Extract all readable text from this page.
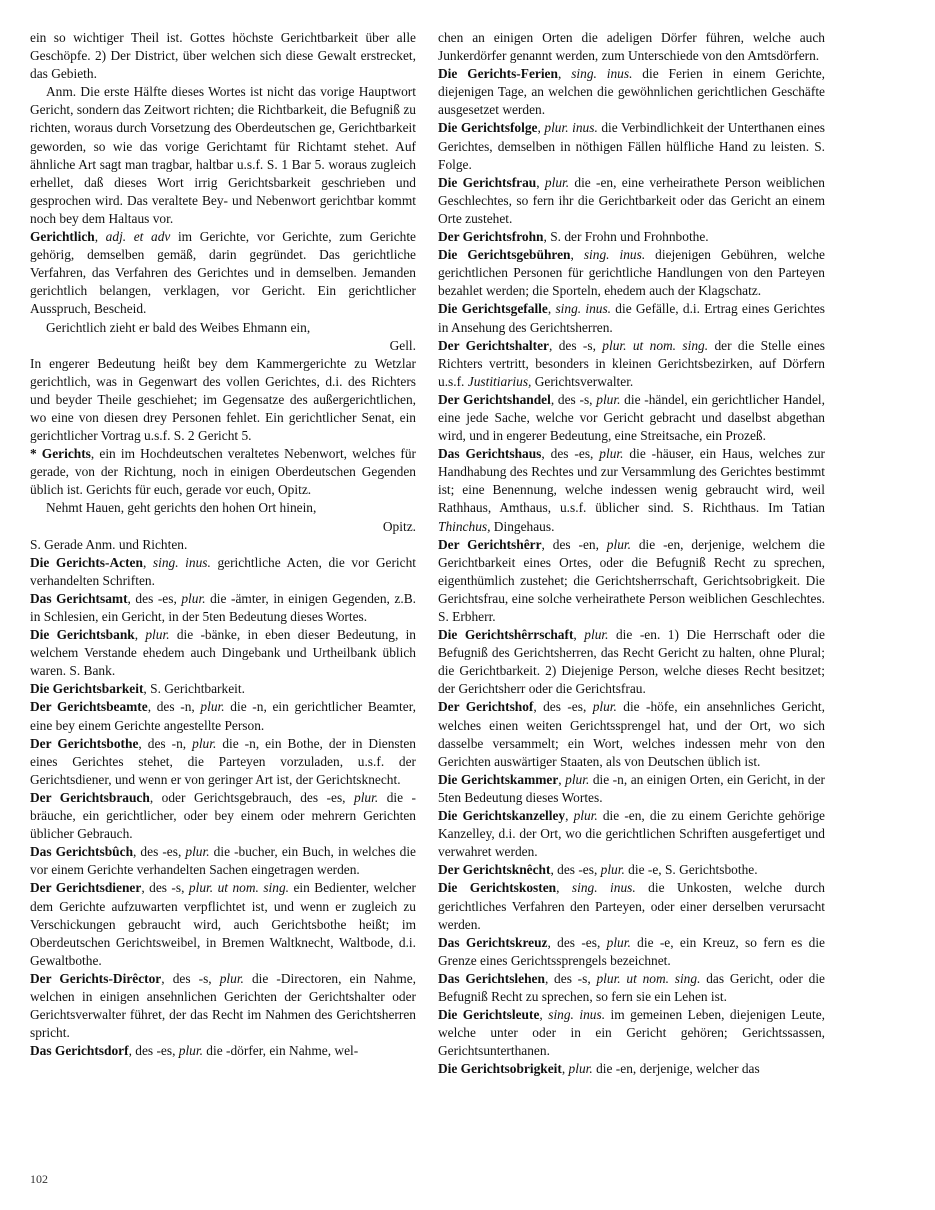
ein so wichtiger Theil ist. Gottes höchste Gerichtbarkeit über alle Geschöpfe. 2) Der District, über welchen sich diese Gewalt erstrecket, das Gebieth.

Anm. Die erste Hälfte dieses Wortes ist nicht das vorige Hauptwort Gericht, sondern das Zeitwort richten; die Richtbarkeit, die Befugniß zu richten, woraus durch Vorsetzung des Oberdeutschen ge, Gerichtbarkeit geworden, so wie das vorige Gerichtamt für Richtamt stehet. Auf ähnliche Art sagt man tragbar, haltbar u.s.f. S. 1 Bar 5. woraus zugleich erhellet, daß dieses Wort irrig Gerichtsbarkeit geschrieben und gesprochen wird. Das veraltete Bey- und Nebenwort gerichtbar kommt noch bey dem Haltaus vor.

Gerichtlich, adj. et adv im Gerichte, vor Gerichte, zum Gerichte gehörig, demselben gemäß, darin gegründet. Das gerichtliche Verfahren, das Verfahren des Gerichtes und in demselben. Jemanden gerichtlich belangen, verklagen, vor Gericht. Ein gerichtlicher Ausspruch, Bescheid.

Gerichtlich zieht er bald des Weibes Ehmann ein,

Gell.

In engerer Bedeutung heißt bey dem Kammergerichte zu Wetzlar gerichtlich, was in Gegenwart des vollen Gerichtes, d.i. des Richters und beyder Theile geschiehet; im Gegensatze des außergerichtlichen, wo eine von diesen drey Personen fehlet. Ein gerichtlicher Senat, ein gerichtlicher Vortrag u.s.f. S. 2 Gericht 5.

* Gerichts, ein im Hochdeutschen veraltetes Nebenwort, welches für gerade, von der Richtung, noch in einigen Oberdeutschen Gegenden üblich ist. Gerichts für euch, gerade vor euch, Opitz.

Nehmt Hauen, geht gerichts den hohen Ort hinein,

Opitz.

S. Gerade Anm. und Richten.

Die Gerichts-Acten, sing. inus. gerichtliche Acten, die vor Gericht verhandelten Schriften.

Das Gerichtsamt, des -es, plur. die -ämter, in einigen Gegenden, z.B. in Schlesien, ein Gericht, in der 5ten Bedeutung dieses Wortes.

Die Gerichtsbank, plur. die -bänke, in eben dieser Bedeutung, in welchem Verstande ehedem auch Dingebank und Urtheilbank üblich waren. S. Bank.

Die Gerichtsbarkeit, S. Gerichtbarkeit.

Der Gerichtsbeamte, des -n, plur. die -n, ein gerichtlicher Beamter, eine bey einem Gerichte angestellte Person.

Der Gerichtsbothe, des -n, plur. die -n, ein Bothe, der in Diensten eines Gerichtes stehet, die Parteyen vorzuladen, u.s.f. der Gerichtsdiener, und wenn er von geringer Art ist, der Gerichtsknecht.

Der Gerichtsbrauch, oder Gerichtsgebrauch, des -es, plur. die -bräuche, ein gerichtlicher, oder bey einem oder mehrern Gerichten üblicher Gebrauch.

Das Gerichtsbûch, des -es, plur. die -bucher, ein Buch, in welches die vor einem Gerichte verhandelten Sachen eingetragen werden.

Der Gerichtsdiener, des -s, plur. ut nom. sing. ein Bedienter, welcher dem Gerichte aufzuwarten verpflichtet ist, und wenn er zugleich zu Verschickungen gebraucht wird, auch Gerichtsbothe heißt; im Oberdeutschen Gerichtsweibel, in Bremen Waltknecht, Waltbode, d.i. Gewaltbothe.

Der Gerichts-Dirêctor, des -s, plur. die -Directoren, ein Nahme, welchen in einigen ansehnlichen Gerichten der Gerichtshalter oder Gerichtsverwalter führet, der das Recht im Nahmen des Gerichtsherren spricht.

Das Gerichtsdorf, des -es, plur. die -dörfer, ein Nahme, wel-

chen an einigen Orten die adeligen Dörfer führen, welche auch Junkerdörfer genannt werden, zum Unterschiede von den Amtsdörfern.

Die Gerichts-Ferien, sing. inus. die Ferien in einem Gerichte, diejenigen Tage, an welchen die gewöhnlichen gerichtlichen Geschäfte ausgesetzet werden.

Die Gerichtsfolge, plur. inus. die Verbindlichkeit der Unterthanen eines Gerichtes, demselben in nöthigen Fällen hülfliche Hand zu leisten. S. Folge.

Die Gerichtsfrau, plur. die -en, eine verheirathete Person weiblichen Geschlechtes, so fern ihr die Gerichtbarkeit oder das Gericht an einem Orte zustehet.

Der Gerichtsfrohn, S. der Frohn und Frohnbothe.

Die Gerichtsgebühren, sing. inus. diejenigen Gebühren, welche gerichtlichen Personen für gerichtliche Handlungen von den Parteyen bezahlet werden; die Sporteln, ehedem auch der Klagschatz.

Die Gerichtsgefalle, sing. inus. die Gefälle, d.i. Ertrag eines Gerichtes in Ansehung des Gerichtsherren.

Der Gerichtshalter, des -s, plur. ut nom. sing. der die Stelle eines Richters vertritt, besonders in kleinen Gerichtsbezirken, auf Dörfern u.s.f. Justitiarius, Gerichtsverwalter.

Der Gerichtshandel, des -s, plur. die -händel, ein gerichtlicher Handel, eine jede Sache, welche vor Gericht gebracht und daselbst abgethan wird, und in engerer Bedeutung, eine Streitsache, ein Prozeß.

Das Gerichtshaus, des -es, plur. die -häuser, ein Haus, welches zur Handhabung des Rechtes und zur Versammlung des Gerichtes bestimmt ist; eine Benennung, welche indessen wenig gebraucht wird, weil Rathhaus, Amthaus, u.s.f. üblicher sind. S. Richthaus. Im Tatian Thinchus, Dingehaus.

Der Gerichtshêrr, des -en, plur. die -en, derjenige, welchem die Gerichtbarkeit eines Ortes, oder die Befugniß Recht zu sprechen, eigenthümlich zustehet; die Gerichtsherrschaft, Gerichtsobrigkeit. Die Gerichtsfrau, eine solche verheirathete Person weiblichen Geschlechtes. S. Erbherr.

Die Gerichtshêrrschaft, plur. die -en. 1) Die Herrschaft oder die Befugniß des Gerichtsherren, das Recht Gericht zu halten, ohne Plural; die Gerichtbarkeit. 2) Diejenige Person, welche dieses Recht besitzet; der Gerichtsherr oder die Gerichtsfrau.

Der Gerichtshof, des -es, plur. die -höfe, ein ansehnliches Gericht, welches einen weiten Gerichtssprengel hat, und der Ort, wo sich dasselbe versammelt; ein Wort, welches indessen mehr von den Gerichten auswärtiger Staaten, als von Deutschen üblich ist.

Die Gerichtskammer, plur. die -n, an einigen Orten, ein Gericht, in der 5ten Bedeutung dieses Wortes.

Die Gerichtskanzelley, plur. die -en, die zu einem Gerichte gehörige Kanzelley, d.i. der Ort, wo die gerichtlichen Schriften ausgefertiget und verwahret werden.

Der Gerichtsknêcht, des -es, plur. die -e, S. Gerichtsbothe.

Die Gerichtskosten, sing. inus. die Unkosten, welche durch gerichtliches Verfahren den Parteyen, oder einer derselben verursacht werden.

Das Gerichtskreuz, des -es, plur. die -e, ein Kreuz, so fern es die Grenze eines Gerichtssprengels bezeichnet.

Das Gerichtslehen, des -s, plur. ut nom. sing. das Gericht, oder die Befugniß Recht zu sprechen, so fern sie ein Lehen ist.

Die Gerichtsleute, sing. inus. im gemeinen Leben, diejenigen Leute, welche unter oder in ein Gericht gehören; Gerichtssassen, Gerichtsunterthanen.

Die Gerichtsobrigkeit, plur. die -en, derjenige, welcher das

102
